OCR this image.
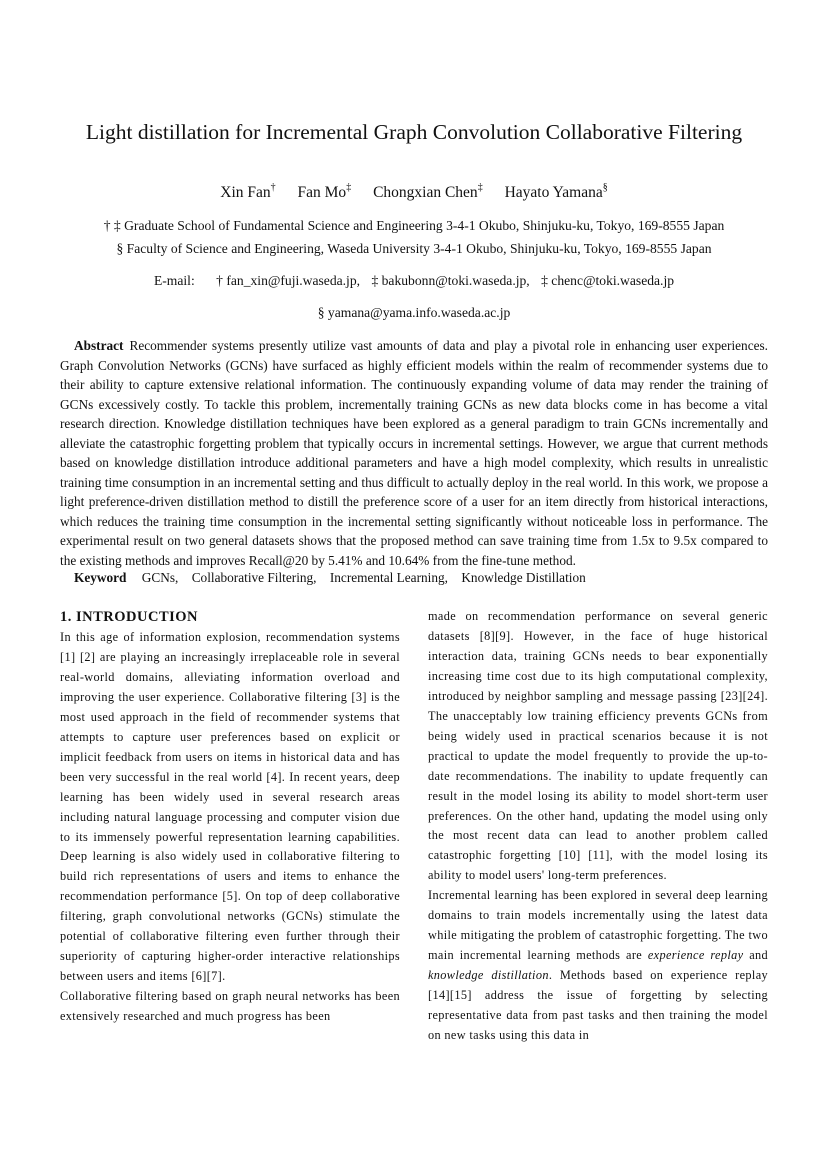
Light distillation for Incremental Graph Convolution Collaborative Filtering
Xin Fan† Fan Mo‡ Chongxian Chen‡ Hayato Yamana§
† ‡ Graduate School of Fundamental Science and Engineering 3-4-1 Okubo, Shinjuku-ku, Tokyo, 169-8555 Japan
§ Faculty of Science and Engineering, Waseda University 3-4-1 Okubo, Shinjuku-ku, Tokyo, 169-8555 Japan
E-mail: † fan_xin@fuji.waseda.jp, ‡ bakubonn@toki.waseda.jp, ‡ chenc@toki.waseda.jp
§ yamana@yama.info.waseda.ac.jp
Abstract Recommender systems presently utilize vast amounts of data and play a pivotal role in enhancing user experiences. Graph Convolution Networks (GCNs) have surfaced as highly efficient models within the realm of recommender systems due to their ability to capture extensive relational information. The continuously expanding volume of data may render the training of GCNs excessively costly. To tackle this problem, incrementally training GCNs as new data blocks come in has become a vital research direction. Knowledge distillation techniques have been explored as a general paradigm to train GCNs incrementally and alleviate the catastrophic forgetting problem that typically occurs in incremental settings. However, we argue that current methods based on knowledge distillation introduce additional parameters and have a high model complexity, which results in unrealistic training time consumption in an incremental setting and thus difficult to actually deploy in the real world. In this work, we propose a light preference-driven distillation method to distill the preference score of a user for an item directly from historical interactions, which reduces the training time consumption in the incremental setting significantly without noticeable loss in performance. The experimental result on two general datasets shows that the proposed method can save training time from 1.5x to 9.5x compared to the existing methods and improves Recall@20 by 5.41% and 10.64% from the fine-tune method.
Keyword GCNs, Collaborative Filtering, Incremental Learning, Knowledge Distillation
1. INTRODUCTION

In this age of information explosion, recommendation systems [1] [2] are playing an increasingly irreplaceable role in several real-world domains, alleviating information overload and improving the user experience. Collaborative filtering [3] is the most used approach in the field of recommender systems that attempts to capture user preferences based on explicit or implicit feedback from users on items in historical data and has been very successful in the real world [4]. In recent years, deep learning has been widely used in several research areas including natural language processing and computer vision due to its immensely powerful representation learning capabilities. Deep learning is also widely used in collaborative filtering to build rich representations of users and items to enhance the recommendation performance [5]. On top of deep collaborative filtering, graph convolutional networks (GCNs) stimulate the potential of collaborative filtering even further through their superiority of capturing higher-order interactive relationships between users and items [6][7].

Collaborative filtering based on graph neural networks has been extensively researched and much progress has been

made on recommendation performance on several generic datasets [8][9]. However, in the face of huge historical interaction data, training GCNs needs to bear exponentially increasing time cost due to its high computational complexity, introduced by neighbor sampling and message passing [23][24]. The unacceptably low training efficiency prevents GCNs from being widely used in practical scenarios because it is not practical to update the model frequently to provide the up-to-date recommendations. The inability to update frequently can result in the model losing its ability to model short-term user preferences. On the other hand, updating the model using only the most recent data can lead to another problem called catastrophic forgetting [10] [11], with the model losing its ability to model users' long-term preferences.

Incremental learning has been explored in several deep learning domains to train models incrementally using the latest data while mitigating the problem of catastrophic forgetting. The two main incremental learning methods are experience replay and knowledge distillation. Methods based on experience replay [14][15] address the issue of forgetting by selecting representative data from past tasks and then training the model on new tasks using this data in
